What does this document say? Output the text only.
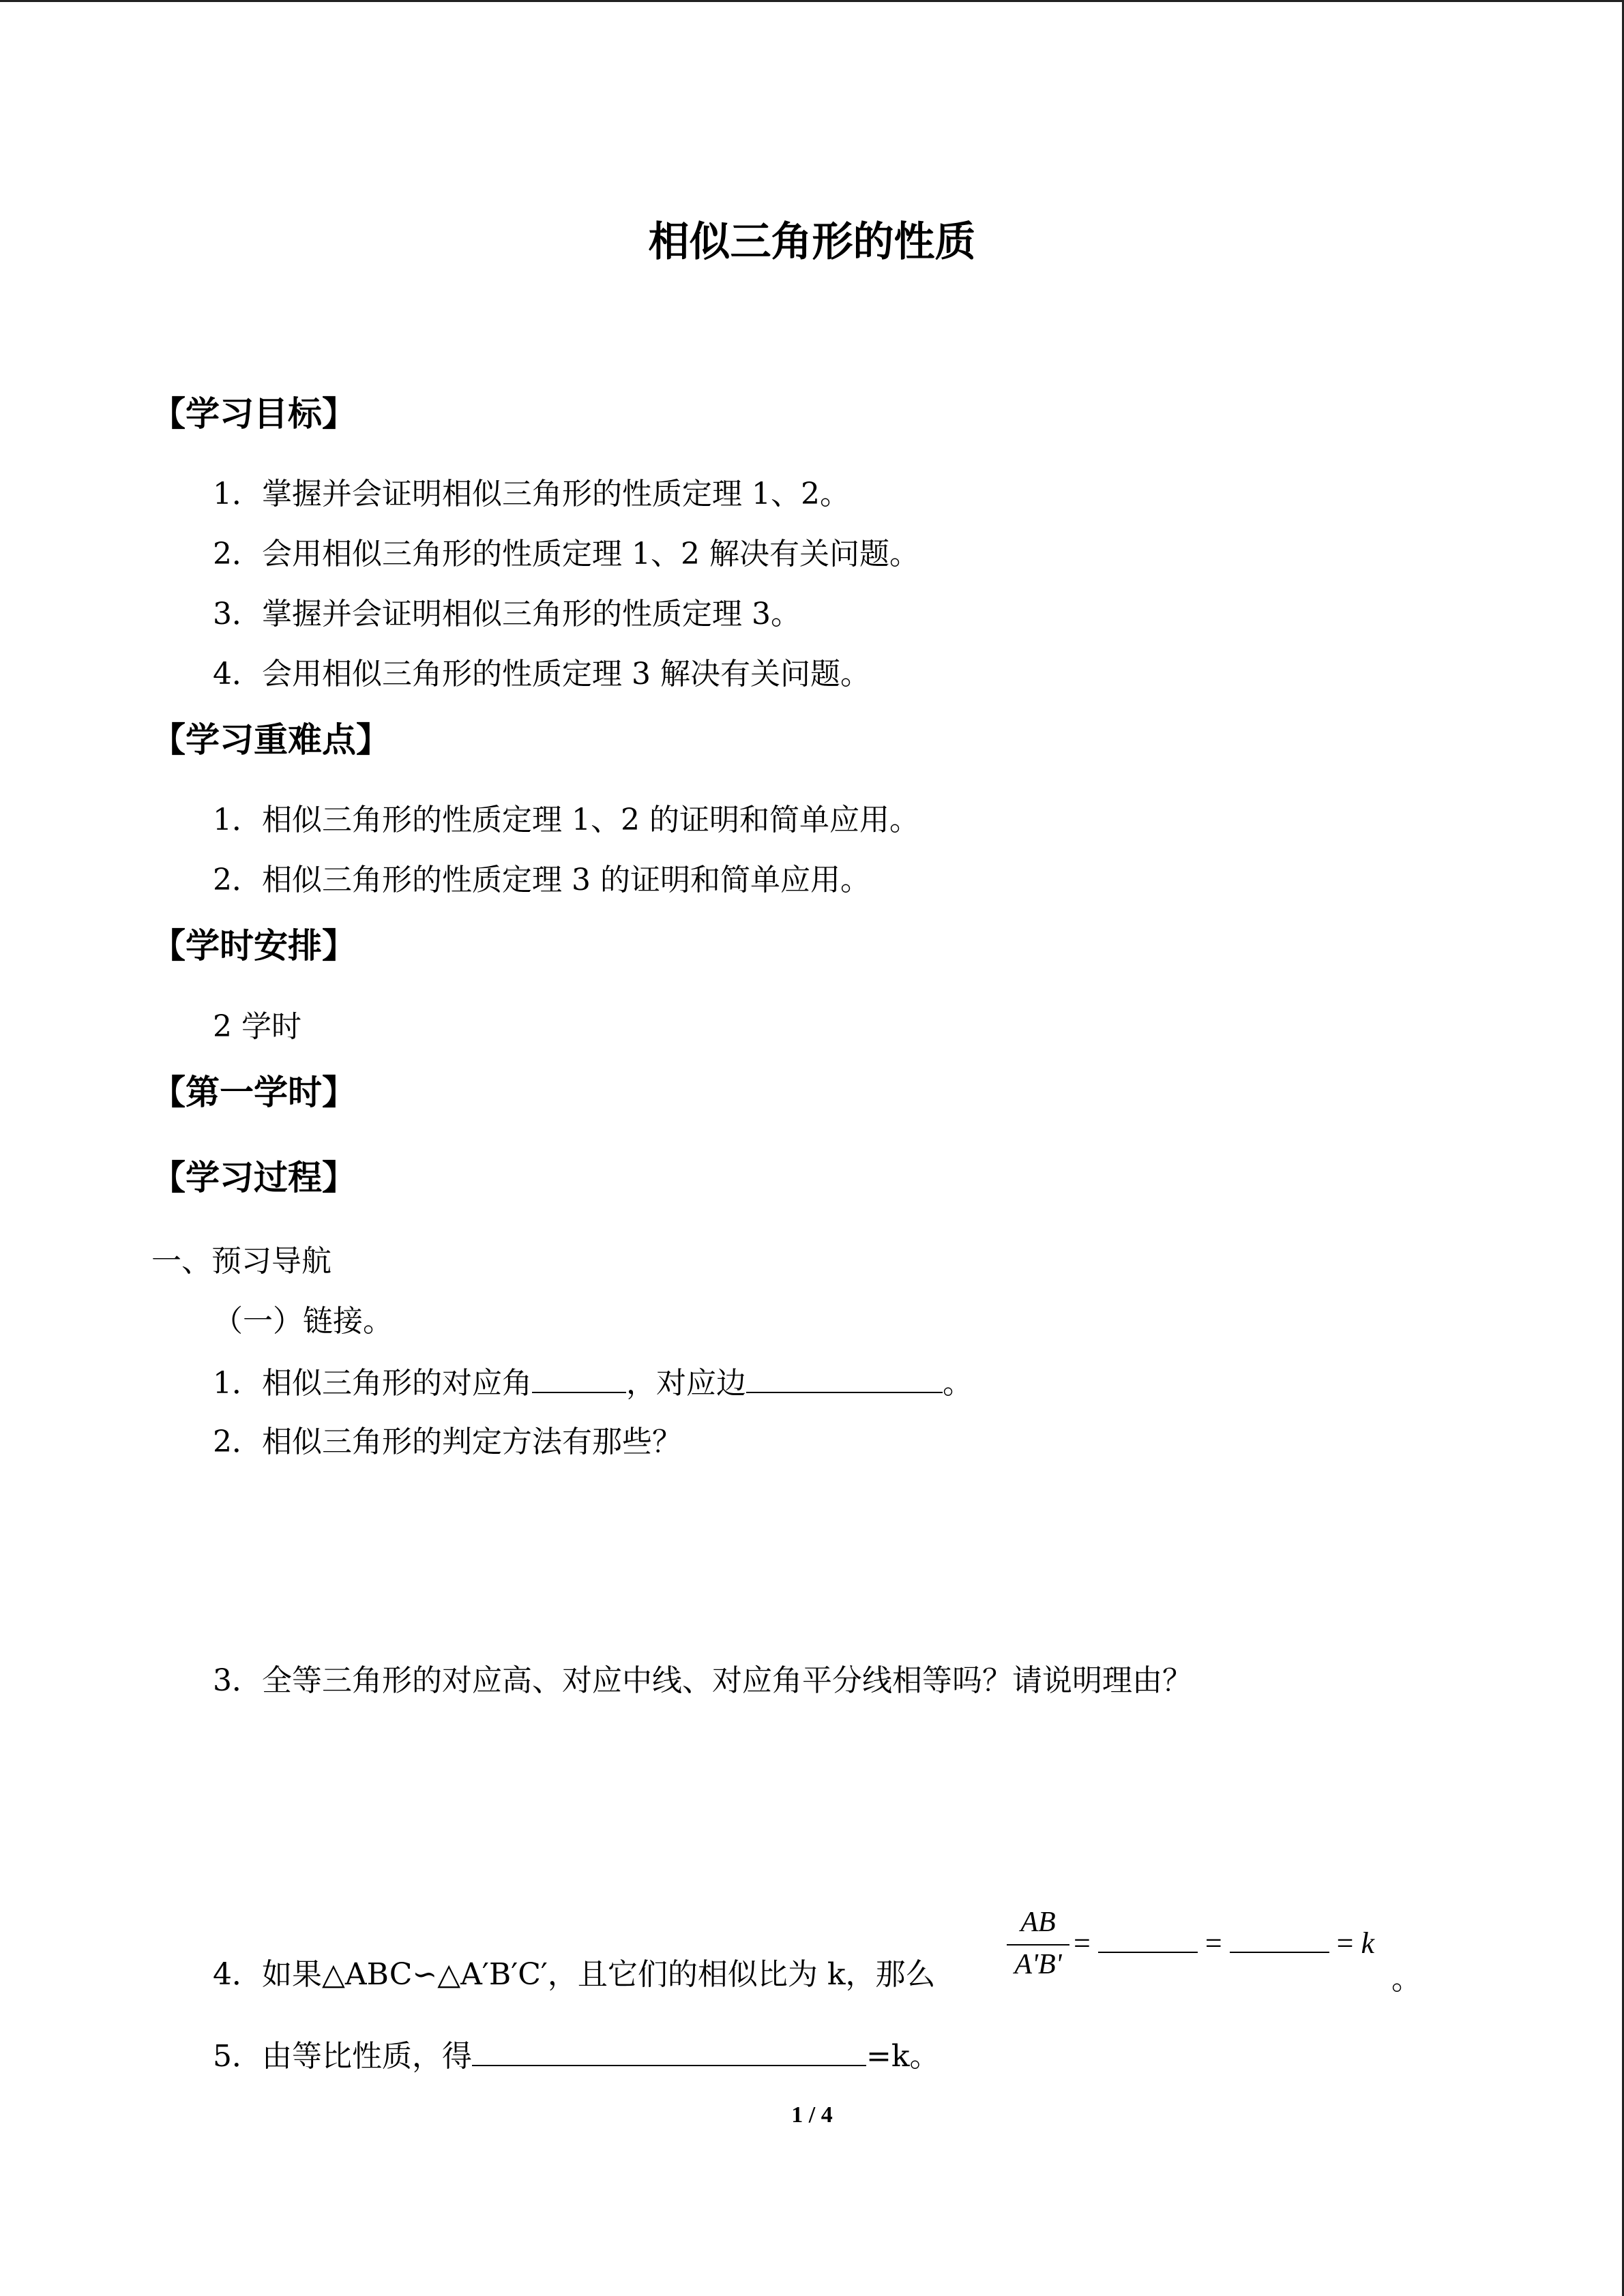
相似三角形的性质
【学习目标】
1．掌握并会证明相似三角形的性质定理 1、2。
2．会用相似三角形的性质定理 1、2 解决有关问题。
3．掌握并会证明相似三角形的性质定理 3。
4．会用相似三角形的性质定理 3 解决有关问题。
【学习重难点】
1．相似三角形的性质定理 1、2 的证明和简单应用。
2．相似三角形的性质定理 3 的证明和简单应用。
【学时安排】
2 学时
【第一学时】
【学习过程】
一、预习导航
（一）链接。
1．相似三角形的对应角	，对应边	。
2．相似三角形的判定方法有那些？
3．全等三角形的对应高、对应中线、对应角平分线相等吗？请说明理由？
4．如果△ABC∽△A′B′C′，且它们的相似比为 k，那么
AB
A'B'
=	=	= k
。
5．由等比性质，得	=k。
1 / 4
